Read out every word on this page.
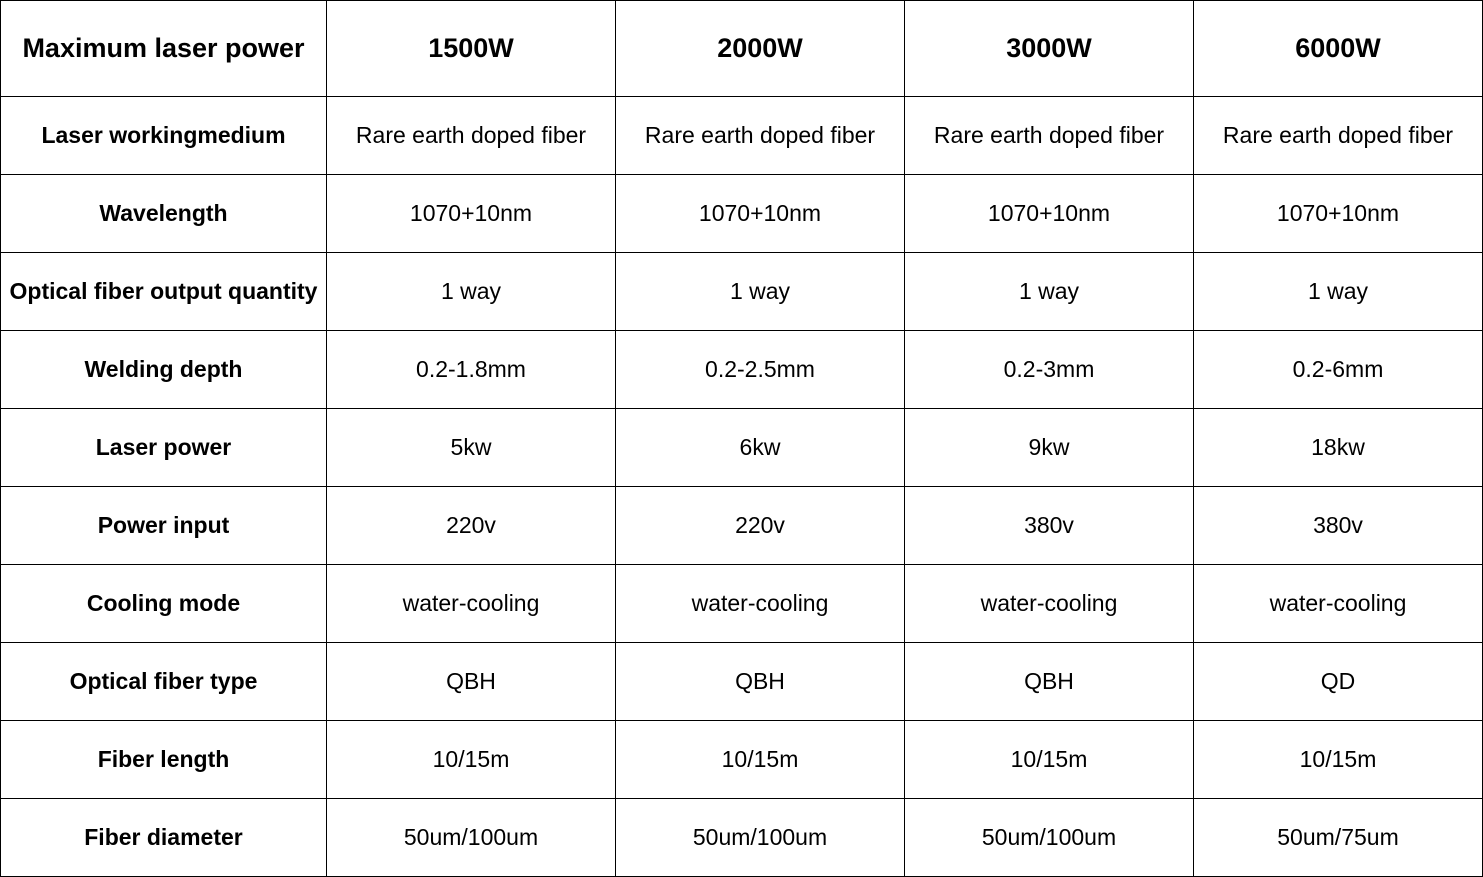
Maximum laser power	1500W	2000W	3000W	6000W
Laser workingmedium	Rare earth doped fiber	Rare earth doped fiber	Rare earth doped fiber	Rare earth doped fiber
Wavelength	1070+10nm	1070+10nm	1070+10nm	1070+10nm
Optical fiber output quantity	1 way	1 way	1 way	1 way
Welding depth	0.2-1.8mm	0.2-2.5mm	0.2-3mm	0.2-6mm
Laser power	5kw	6kw	9kw	18kw
Power input	220v	220v	380v	380v
Cooling mode	water-cooling	water-cooling	water-cooling	water-cooling
Optical fiber type	QBH	QBH	QBH	QD
Fiber length	10/15m	10/15m	10/15m	10/15m
Fiber diameter	50um/100um	50um/100um	50um/100um	50um/75um
